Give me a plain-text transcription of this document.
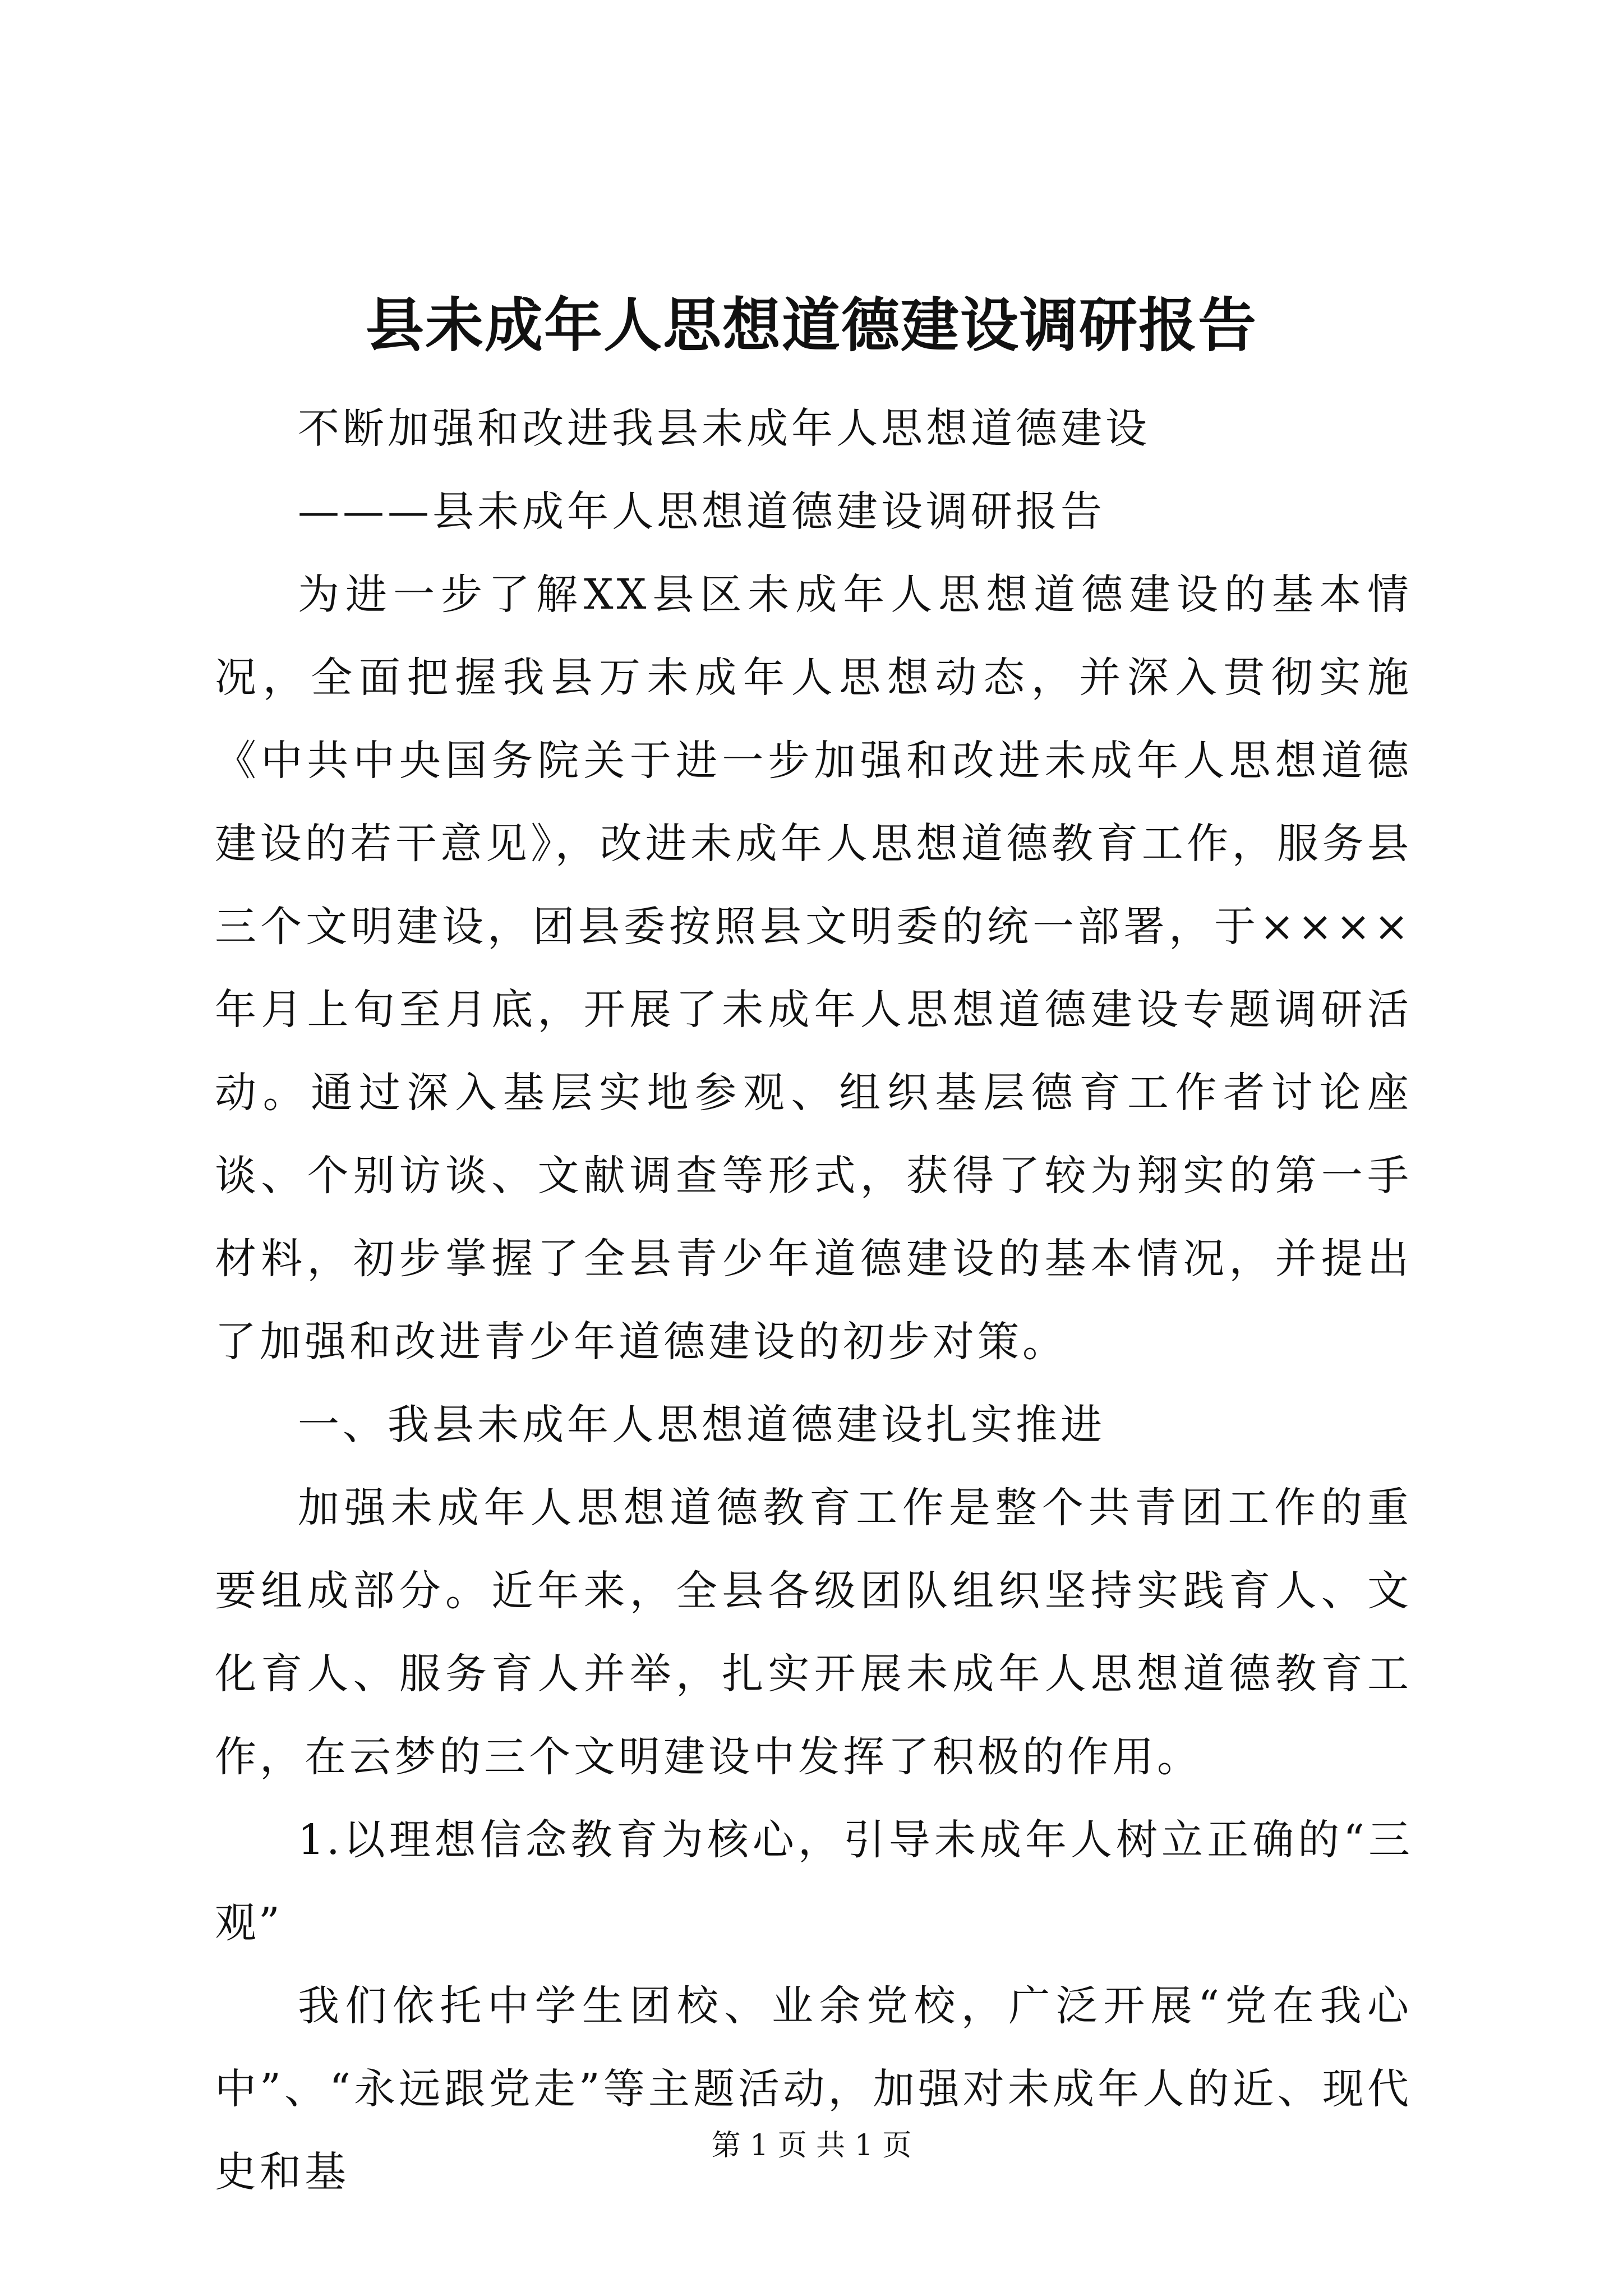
县未成年人思想道德建设调研报告

不断加强和改进我县未成年人思想道德建设

———县未成年人思想道德建设调研报告

为进一步了解XX县区未成年人思想道德建设的基本情况，全面把握我县万未成年人思想动态，并深入贯彻实施《中共中央国务院关于进一步加强和改进未成年人思想道德建设的若干意见》，改进未成年人思想道德教育工作，服务县三个文明建设，团县委按照县文明委的统一部署，于××××年月上旬至月底，开展了未成年人思想道德建设专题调研活动。通过深入基层实地参观、组织基层德育工作者讨论座谈、个别访谈、文献调查等形式，获得了较为翔实的第一手材料，初步掌握了全县青少年道德建设的基本情况，并提出了加强和改进青少年道德建设的初步对策。

一、我县未成年人思想道德建设扎实推进

加强未成年人思想道德教育工作是整个共青团工作的重要组成部分。近年来，全县各级团队组织坚持实践育人、文化育人、服务育人并举，扎实开展未成年人思想道德教育工作，在云梦的三个文明建设中发挥了积极的作用。

1.以理想信念教育为核心，引导未成年人树立正确的“三观”

我们依托中学生团校、业余党校，广泛开展“党在我心中”、“永远跟党走”等主题活动，加强对未成年人的近、现代史和基

第 1 页 共 1 页
